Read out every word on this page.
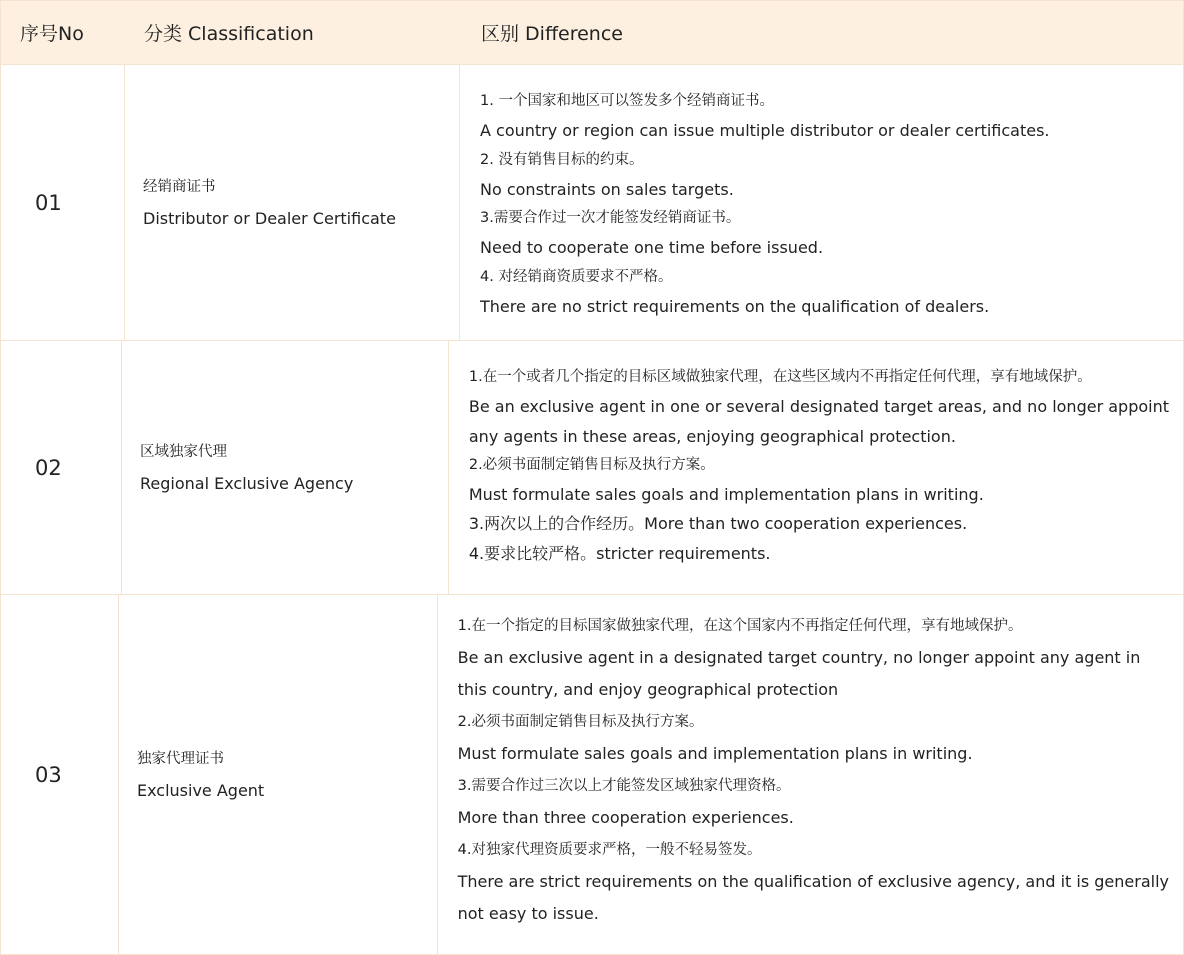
序号No	分类 Classification	区别 Difference
01
经销商证书
Distributor or Dealer Certificate
1. 一个国家和地区可以签发多个经销商证书。
A country or region can issue multiple distributor or dealer certificates.
2. 没有销售目标的约束。
No constraints on sales targets.
3.需要合作过一次才能签发经销商证书。
Need to cooperate one time before issued.
4. 对经销商资质要求不严格。
There are no strict requirements on the qualification of dealers.
02
区域独家代理
Regional Exclusive Agency
1.在一个或者几个指定的目标区域做独家代理，在这些区域内不再指定任何代理，享有地域保护。
Be an exclusive agent in one or several designated target areas, and no longer appoint
any agents in these areas, enjoying geographical protection.
2.必须书面制定销售目标及执行方案。
Must formulate sales goals and implementation plans in writing.
3.两次以上的合作经历。More than two cooperation experiences.
4.要求比较严格。stricter requirements.
03
独家代理证书
Exclusive Agent
1.在一个指定的目标国家做独家代理，在这个国家内不再指定任何代理，享有地域保护。
Be an exclusive agent in a designated target country, no longer appoint any agent in
this country, and enjoy geographical protection
2.必须书面制定销售目标及执行方案。
Must formulate sales goals and implementation plans in writing.
3.需要合作过三次以上才能签发区域独家代理资格。
More than three cooperation experiences.
4.对独家代理资质要求严格，一般不轻易签发。
There are strict requirements on the qualification of exclusive agency, and it is generally
not easy to issue.
